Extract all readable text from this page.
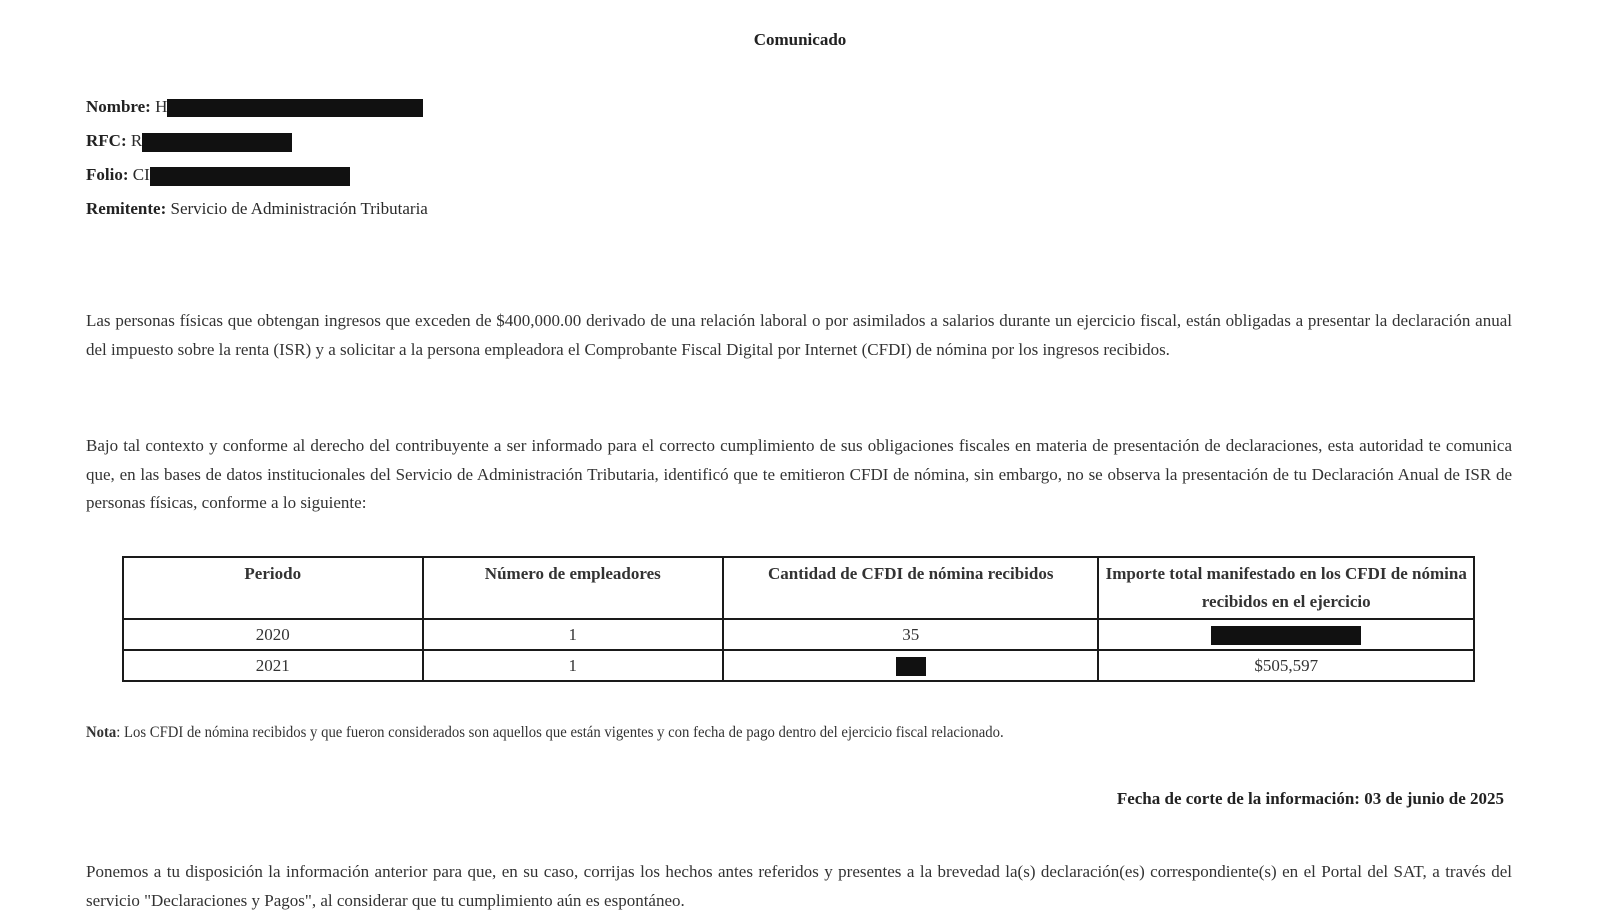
Comunicado
Nombre: H
RFC: R
Folio: CI
Remitente: Servicio de Administración Tributaria
Las personas físicas que obtengan ingresos que exceden de $400,000.00 derivado de una relación laboral o por asimilados a salarios durante un ejercicio fiscal, están obligadas a presentar la declaración anual del impuesto sobre la renta (ISR) y a solicitar a la persona empleadora el Comprobante Fiscal Digital por Internet (CFDI) de nómina por los ingresos recibidos.
Bajo tal contexto y conforme al derecho del contribuyente a ser informado para el correcto cumplimiento de sus obligaciones fiscales en materia de presentación de declaraciones, esta autoridad te comunica que, en las bases de datos institucionales del Servicio de Administración Tributaria, identificó que te emitieron CFDI de nómina, sin embargo, no se observa la presentación de tu Declaración Anual de ISR de personas físicas, conforme a lo siguiente:
Periodo	Número de empleadores	Cantidad de CFDI de nómina recibidos	Importe total manifestado en los CFDI de nómina recibidos en el ejercicio
2020	1	35	
2021	1		$505,597
Nota: Los CFDI de nómina recibidos y que fueron considerados son aquellos que están vigentes y con fecha de pago dentro del ejercicio fiscal relacionado.
Fecha de corte de la información: 03 de junio de 2025
Ponemos a tu disposición la información anterior para que, en su caso, corrijas los hechos antes referidos y presentes a la brevedad la(s) declaración(es) correspondiente(s) en el Portal del SAT, a través del servicio "Declaraciones y Pagos", al considerar que tu cumplimiento aún es espontáneo.
